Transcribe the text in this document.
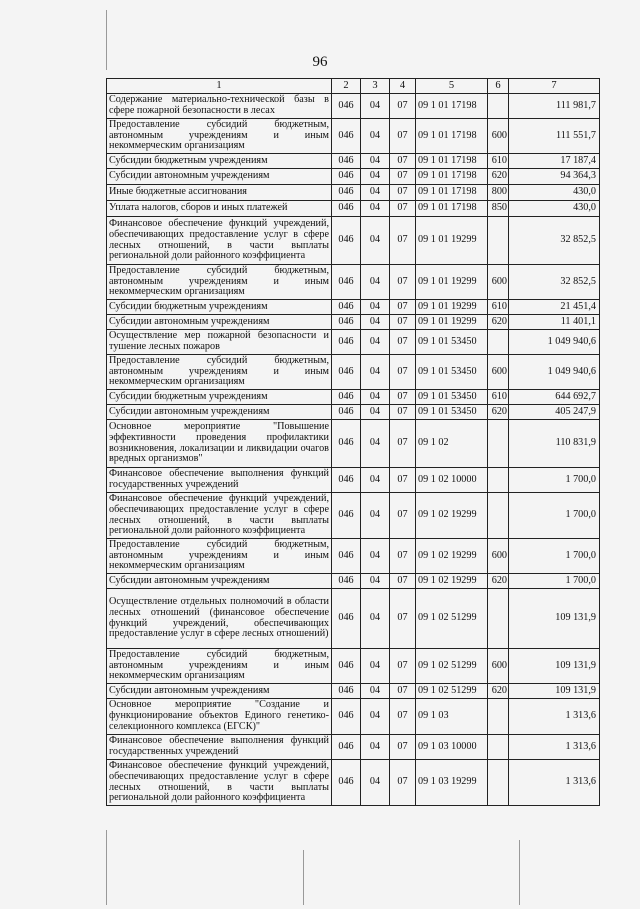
96
1	2	3	4	5	6	7
Содержание материально-технической базы в сфере пожарной безопасности в лесах	046	04	07	09 1 01 17198		111 981,7
Предоставление субсидий бюджетным, автономным учреждениям и иным некоммерческим организациям	046	04	07	09 1 01 17198	600	111 551,7
Субсидии бюджетным учреждениям	046	04	07	09 1 01 17198	610	17 187,4
Субсидии автономным учреждениям	046	04	07	09 1 01 17198	620	94 364,3
Иные бюджетные ассигнования	046	04	07	09 1 01 17198	800	430,0
Уплата налогов, сборов и иных платежей	046	04	07	09 1 01 17198	850	430,0
Финансовое обеспечение функций учреждений, обеспечивающих предоставление услуг в сфере лесных отношений, в части выплаты региональной доли районного коэффициента	046	04	07	09 1 01 19299		32 852,5
Предоставление субсидий бюджетным, автономным учреждениям и иным некоммерческим организациям	046	04	07	09 1 01 19299	600	32 852,5
Субсидии бюджетным учреждениям	046	04	07	09 1 01 19299	610	21 451,4
Субсидии автономным учреждениям	046	04	07	09 1 01 19299	620	11 401,1
Осуществление мер пожарной безопасности и тушение лесных пожаров	046	04	07	09 1 01 53450		1 049 940,6
Предоставление субсидий бюджетным, автономным учреждениям и иным некоммерческим организациям	046	04	07	09 1 01 53450	600	1 049 940,6
Субсидии бюджетным учреждениям	046	04	07	09 1 01 53450	610	644 692,7
Субсидии автономным учреждениям	046	04	07	09 1 01 53450	620	405 247,9
Основное мероприятие "Повышение эффективности проведения профилактики возникновения, локализации и ликвидации очагов вредных организмов"	046	04	07	09 1 02		110 831,9
Финансовое обеспечение выполнения функций государственных учреждений	046	04	07	09 1 02 10000		1 700,0
Финансовое обеспечение функций учреждений, обеспечивающих предоставление услуг в сфере лесных отношений, в части выплаты региональной доли районного коэффициента	046	04	07	09 1 02 19299		1 700,0
Предоставление субсидий бюджетным, автономным учреждениям и иным некоммерческим организациям	046	04	07	09 1 02 19299	600	1 700,0
Субсидии автономным учреждениям	046	04	07	09 1 02 19299	620	1 700,0
Осуществление отдельных полномочий в области лесных отношений (финансовое обеспечение функций учреждений, обеспечивающих предоставление услуг в сфере лесных отношений)	046	04	07	09 1 02 51299		109 131,9
Предоставление субсидий бюджетным, автономным учреждениям и иным некоммерческим организациям	046	04	07	09 1 02 51299	600	109 131,9
Субсидии автономным учреждениям	046	04	07	09 1 02 51299	620	109 131,9
Основное мероприятие "Создание и функционирование объектов Единого генетико-селекционного комплекса (ЕГСК)"	046	04	07	09 1 03		1 313,6
Финансовое обеспечение выполнения функций государственных учреждений	046	04	07	09 1 03 10000		1 313,6
Финансовое обеспечение функций учреждений, обеспечивающих предоставление услуг в сфере лесных отношений, в части выплаты региональной доли районного коэффициента	046	04	07	09 1 03 19299		1 313,6
